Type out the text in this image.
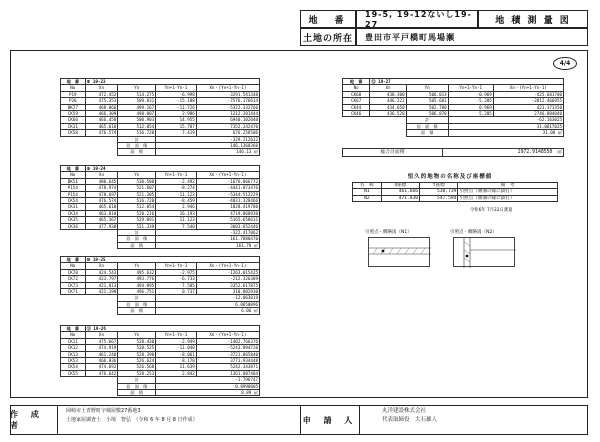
地　番
19-5, 19-12ないし19-27	地 積 測 量 図
土地の所在	豊田市平戸橋町馬場瀬
4/4
地　番	⑧ 19-23			
No	Xn	Yn	Yn+1-Yn-1	Xn・(Yn+1-Yn-1)
P19	472.452	514.275	-6.998	-3291.541348
P20	475.353	509.831	-15.108	-7576.176614
BK77	468.066	499.167	-11.726	-5322.332766
CK59	466.309	498.007	2.986	1212.201444
CK60	466.458	500.903	14.955	6940.102040
CK31	465.610	512.054	15.787	7352.242470
CK58	476.574	516.720	7.419	676.258506
		計	-329.212612	
		倍　面　積	146.1360360	
		面　積	146.13 ㎡	
地　番	⑨ 19-24			
No	Xn	Yn	Yn+1-Yn-1	Xn・(Yn+1-Yn-1)
BK51	480.645	530.508	-2.492	-1676.066772
P154	478.974	521.607	-8.274	-4441.073476
P154	478.697	521.305	-11.123	-5344.512229
CK54	476.574	516.720	-8.459	-4031.328466
CK31	465.610	512.054	2.946	1828.419780
CK34	463.010	520.216	16.193	4719.860930
CK35	465.367	529.091	11.123	5165.658631
CK36	477.938	531.339	7.540	3603.652446
		計	-322.417062	
		倍　面　積	161.7880470	
		面　積	161.78 ㎡	
地　番	⑩ 19-25			
No	Xn	Yn	Yn+1-Yn-1	Xn・(Yn+1-Yn-1)
CK70	424.543	495.632	-2.975	-1263.015425
CK72	423.797	493.776	-6.733	-212.326389
CK73	421.013	494.895	7.505	3352.617875
CK71	421.190	496.751	0.737	310.802930
		計	-12.063019	
		倍　面　積	6.0650096	
		面　積	6.06 ㎡	
地　番	⑪ 19-26			
No	Xn	Yn	Yn+1-Yn-1	Xn・(Yn+1-Yn-1)
CK11	475.667	528.430	-2.949	-1402.766376
CK12	474.919	528.525	-11.040	-5243.094720
CK13	461.240	528.390	-8.061	-3721.865840
CK53	466.036	526.624	8.178	3771.934448
CK54	474.692	526.568	11.639	5242.343871
CK55	476.642	528.253	2.842	1361.087404
		計	-1.796747	
		倍　面　積	0.8990005	
		面　積	0.89 ㎡	
地　番	⑫ 19-27			
No	Xn	Yn	Yn+1-Yn-1	Xn・(Yn+1-Yn-1)
CK68	438.300	506.013	-0.969	-425.681700
CK67	446.222	505.601	-5.205	-2812.466955
CK44	434.650	502.700	0.969	421.371350
CK46	436.528	506.870	5.205	2746.804040
		計	-62.163025	
		倍　面　積	31.0817025	
		面　積	31.08 ㎡	
総合計面積	2972.9148550　㎡
恒久的地物の名称及び座標値
名　称	X座標	Y座標	備　考
N1	461.666	530.739	引照点（側溝の縁に鋲打）
N2	471.830	547.594	引照点（側溝の縁に鋲打）
令和6年 7月22日測量
引照点・概略図（N1）	引照点・概略図（N2）
作 成 者
岡崎市上青野町字城屋敷27番地3
土地家屋調査士　小境　智弘　（令和 6 年 8 月 8 日作成）	申 請 人
丸洋建設株式会社
代表取締役　大石雄人
